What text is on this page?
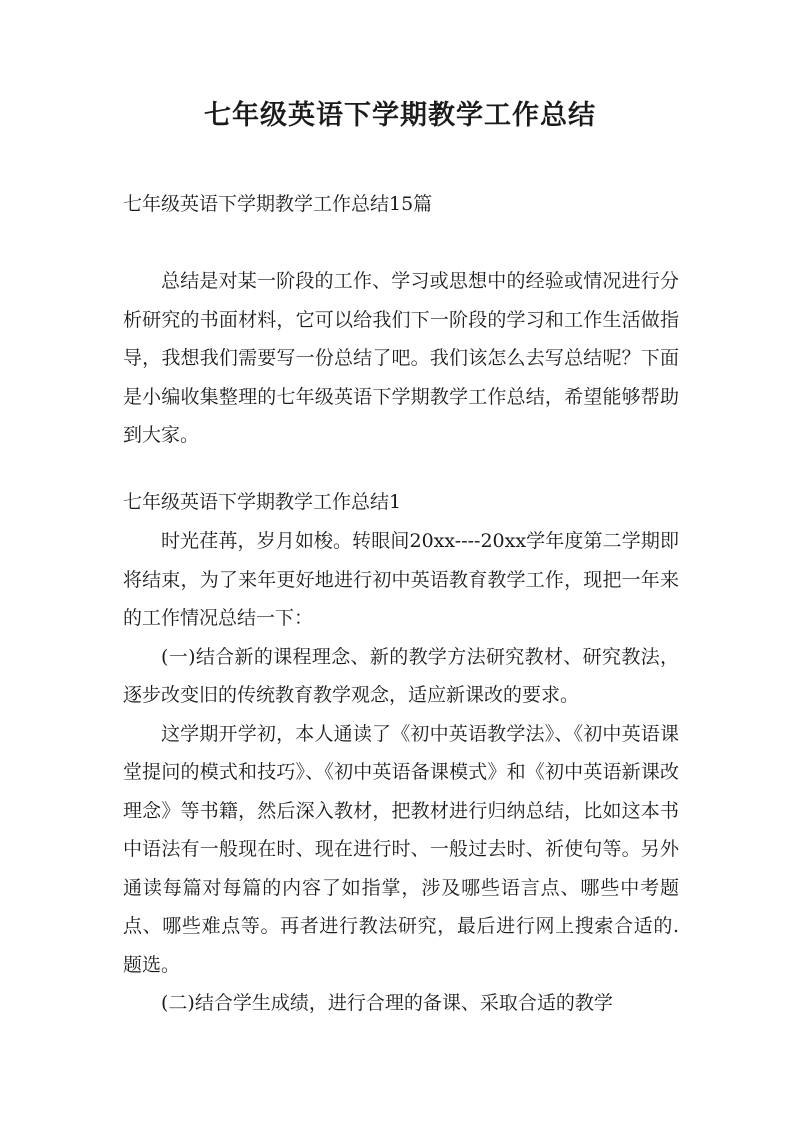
七年级英语下学期教学工作总结

七年级英语下学期教学工作总结15篇

总结是对某一阶段的工作、学习或思想中的经验或情况进行分析研究的书面材料，它可以给我们下一阶段的学习和工作生活做指导，我想我们需要写一份总结了吧。我们该怎么去写总结呢？下面是小编收集整理的七年级英语下学期教学工作总结，希望能够帮助到大家。

七年级英语下学期教学工作总结1

时光荏苒，岁月如梭。转眼间20xx----20xx学年度第二学期即将结束，为了来年更好地进行初中英语教育教学工作，现把一年来的工作情况总结一下：

(一)结合新的课程理念、新的教学方法研究教材、研究教法，逐步改变旧的传统教育教学观念，适应新课改的要求。

这学期开学初，本人通读了《初中英语教学法》、《初中英语课堂提问的模式和技巧》、《初中英语备课模式》和《初中英语新课改理念》等书籍，然后深入教材，把教材进行归纳总结，比如这本书中语法有一般现在时、现在进行时、一般过去时、祈使句等。另外通读每篇对每篇的内容了如指掌，涉及哪些语言点、哪些中考题点、哪些难点等。再者进行教法研究，最后进行网上搜索合适的.题选。

(二)结合学生成绩，进行合理的备课、采取合适的教学
